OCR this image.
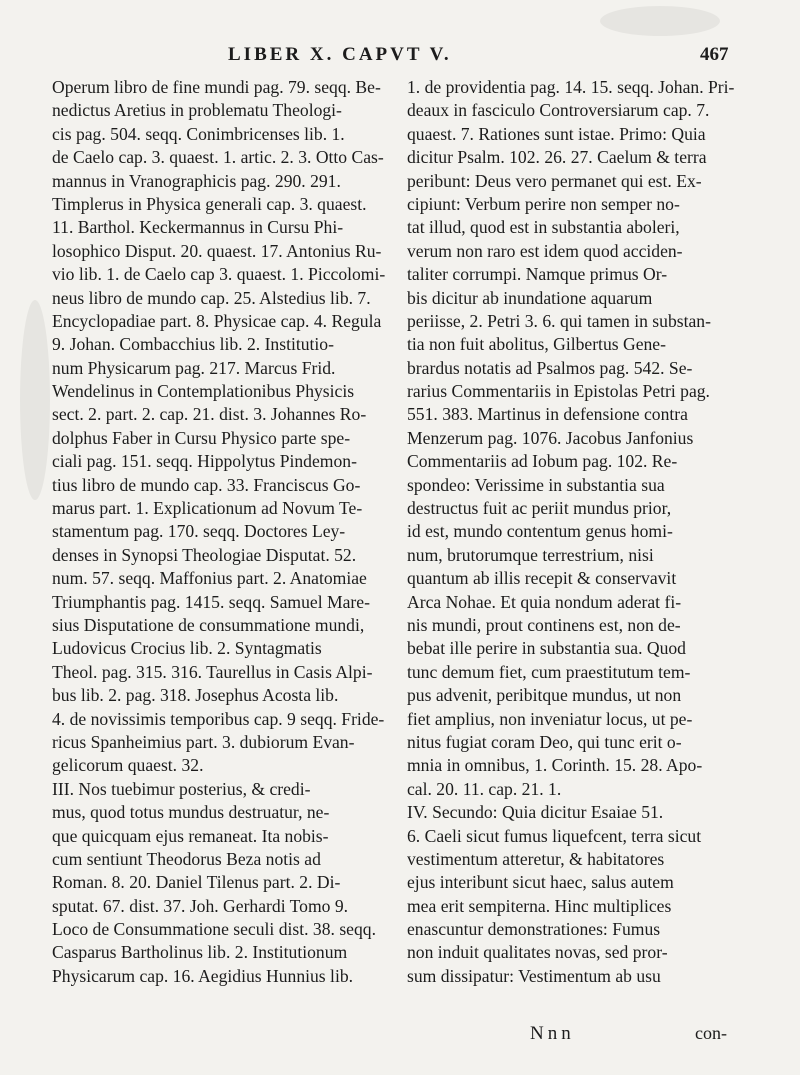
LIBER X. CAPVT V.	467
Operum libro de fine mundi pag. 79. seqq. Be-
nedictus Aretius in problematu Theologi-
cis pag. 504. seqq. Conimbricenses lib. 1.
de Caelo cap. 3. quaest. 1. artic. 2. 3. Otto Cas-
mannus in Vranographicis pag. 290. 291.
Timplerus in Physica generali cap. 3. quaest.
11. Barthol. Keckermannus in Cursu Phi-
losophico Disput. 20. quaest. 17. Antonius Ru-
vio lib. 1. de Caelo cap 3. quaest. 1. Piccolomi-
neus libro de mundo cap. 25. Alstedius lib. 7.
Encyclopadiae part. 8. Physicae cap. 4. Regula
9. Johan. Combacchius lib. 2. Institutio-
num Physicarum pag. 217. Marcus Frid.
Wendelinus in Contemplationibus Physicis
sect. 2. part. 2. cap. 21. dist. 3. Johannes Ro-
dolphus Faber in Cursu Physico parte spe-
ciali pag. 151. seqq. Hippolytus Pindemon-
tius libro de mundo cap. 33. Franciscus Go-
marus part. 1. Explicationum ad Novum Te-
stamentum pag. 170. seqq. Doctores Ley-
denses in Synopsi Theologiae Disputat. 52.
num. 57. seqq. Maffonius part. 2. Anatomiae
Triumphantis pag. 1415. seqq. Samuel Mare-
sius Disputatione de consummatione mundi,
Ludovicus Crocius lib. 2. Syntagmatis
Theol. pag. 315. 316. Taurellus in Casis Alpi-
bus lib. 2. pag. 318. Josephus Acosta lib.
4. de novissimis temporibus cap. 9 seqq. Fride-
ricus Spanheimius part. 3. dubiorum Evan-
gelicorum quaest. 32.
III. Nos tuebimur posterius, & credi-
mus, quod totus mundus destruatur, ne-
que quicquam ejus remaneat. Ita nobis-
cum sentiunt Theodorus Beza notis ad
Roman. 8. 20. Daniel Tilenus part. 2. Di-
sputat. 67. dist. 37. Joh. Gerhardi Tomo 9.
Loco de Consummatione seculi dist. 38. seqq.
Casparus Bartholinus lib. 2. Institutionum
Physicarum cap. 16. Aegidius Hunnius lib.
1. de providentia pag. 14. 15. seqq. Johan. Pri-
deaux in fasciculo Controversiarum cap. 7.
quaest. 7. Rationes sunt istae. Primo: Quia
dicitur Psalm. 102. 26. 27. Caelum & terra
peribunt: Deus vero permanet qui est. Ex-
cipiunt: Verbum perire non semper no-
tat illud, quod est in substantia aboleri,
verum non raro est idem quod acciden-
taliter corrumpi. Namque primus Or-
bis dicitur ab inundatione aquarum
periisse, 2. Petri 3. 6. qui tamen in substan-
tia non fuit abolitus, Gilbertus Gene-
brardus notatis ad Psalmos pag. 542. Se-
rarius Commentariis in Epistolas Petri pag.
551. 383. Martinus in defensione contra
Menzerum pag. 1076. Jacobus Janfonius
Commentariis ad Iobum pag. 102. Re-
spondeo: Verissime in substantia sua
destructus fuit ac periit mundus prior,
id est, mundo contentum genus homi-
num, brutorumque terrestrium, nisi
quantum ab illis recepit & conservavit
Arca Nohae. Et quia nondum aderat fi-
nis mundi, prout continens est, non de-
bebat ille perire in substantia sua. Quod
tunc demum fiet, cum praestitutum tem-
pus advenit, peribitque mundus, ut non
fiet amplius, non inveniatur locus, ut pe-
nitus fugiat coram Deo, qui tunc erit o-
mnia in omnibus, 1. Corinth. 15. 28. Apo-
cal. 20. 11. cap. 21. 1.
IV. Secundo: Quia dicitur Esaiae 51.
6. Caeli sicut fumus liquefcent, terra sicut
vestimentum atteretur, & habitatores
ejus interibunt sicut haec, salus autem
mea erit sempiterna. Hinc multiplices
enascuntur demonstrationes: Fumus
non induit qualitates novas, sed pror-
sum dissipatur: Vestimentum ab usu
Nnn	con-
